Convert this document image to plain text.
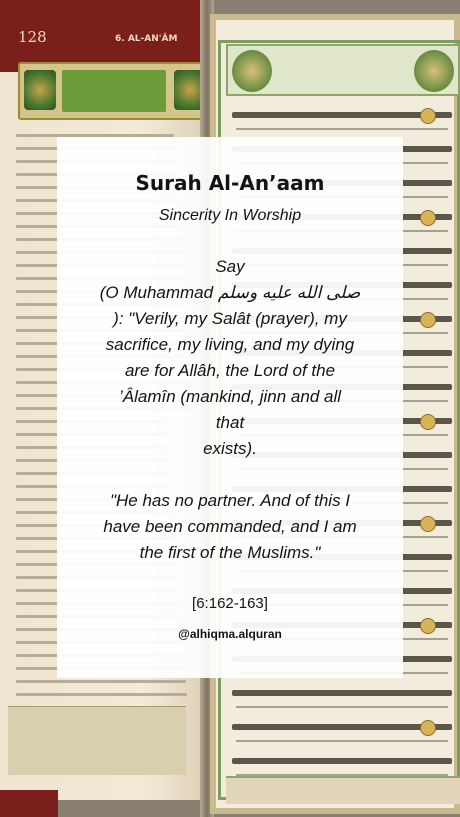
128	6. AL-AN'ÂM
Surah Al-An’aam

Sincerity In Worship

Say

(O Muhammad صلى الله عليه وسلم

): "Verily, my Salât (prayer), my

sacrifice, my living, and my dying

are for Allâh, the Lord of the

’Âlamîn (mankind, jinn and all

that

exists).

"He has no partner. And of this I

have been commanded, and I am

the first of the Muslims."

[6:162-163]

@alhiqma.alquran
